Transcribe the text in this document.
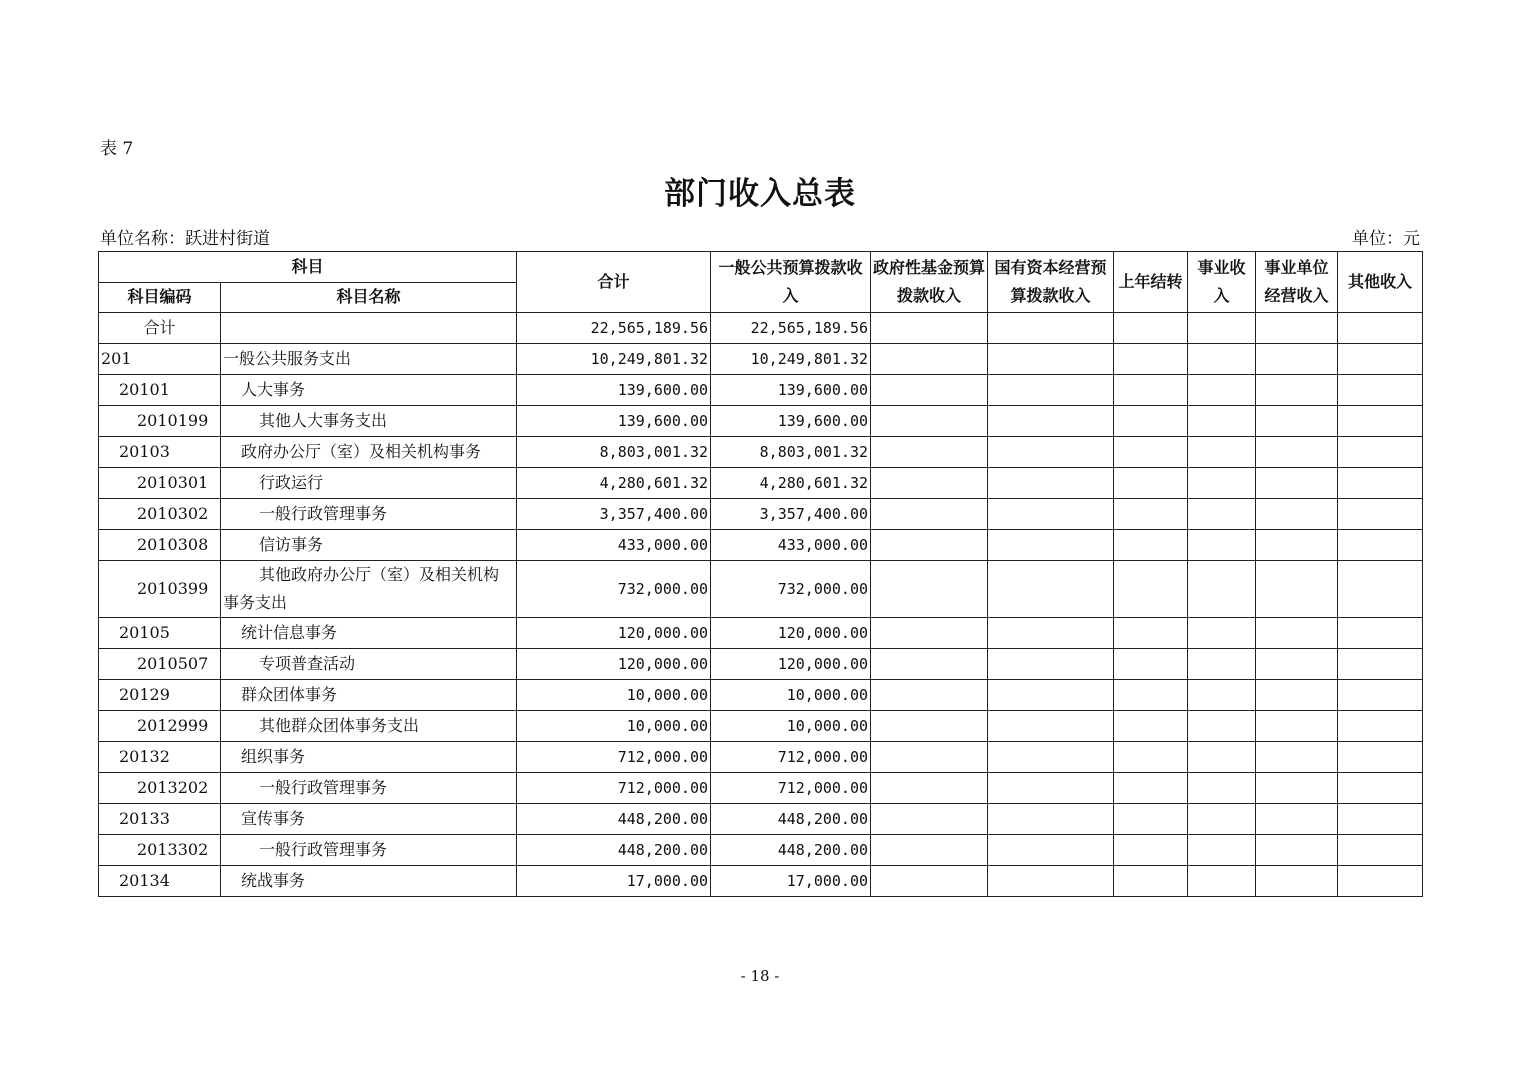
表 7
部门收入总表
单位名称：跃进村街道	单位：元
科目		合计	一般公共预算拨款收入	政府性基金预算拨款收入	国有资本经营预算拨款收入	上年结转	事业收入	事业单位经营收入	其他收入
科目编码	科目名称								
合计		22,565,189.56	22,565,189.56						
201	一般公共服务支出	10,249,801.32	10,249,801.32						
20101	人大事务	139,600.00	139,600.00						
2010199	其他人大事务支出	139,600.00	139,600.00						
20103	政府办公厅（室）及相关机构事务	8,803,001.32	8,803,001.32						
2010301	行政运行	4,280,601.32	4,280,601.32						
2010302	一般行政管理事务	3,357,400.00	3,357,400.00						
2010308	信访事务	433,000.00	433,000.00						
2010399	其他政府办公厅（室）及相关机构事务支出	732,000.00	732,000.00						
20105	统计信息事务	120,000.00	120,000.00						
2010507	专项普查活动	120,000.00	120,000.00						
20129	群众团体事务	10,000.00	10,000.00						
2012999	其他群众团体事务支出	10,000.00	10,000.00						
20132	组织事务	712,000.00	712,000.00						
2013202	一般行政管理事务	712,000.00	712,000.00						
20133	宣传事务	448,200.00	448,200.00						
2013302	一般行政管理事务	448,200.00	448,200.00						
20134	统战事务	17,000.00	17,000.00						
- 18 -
